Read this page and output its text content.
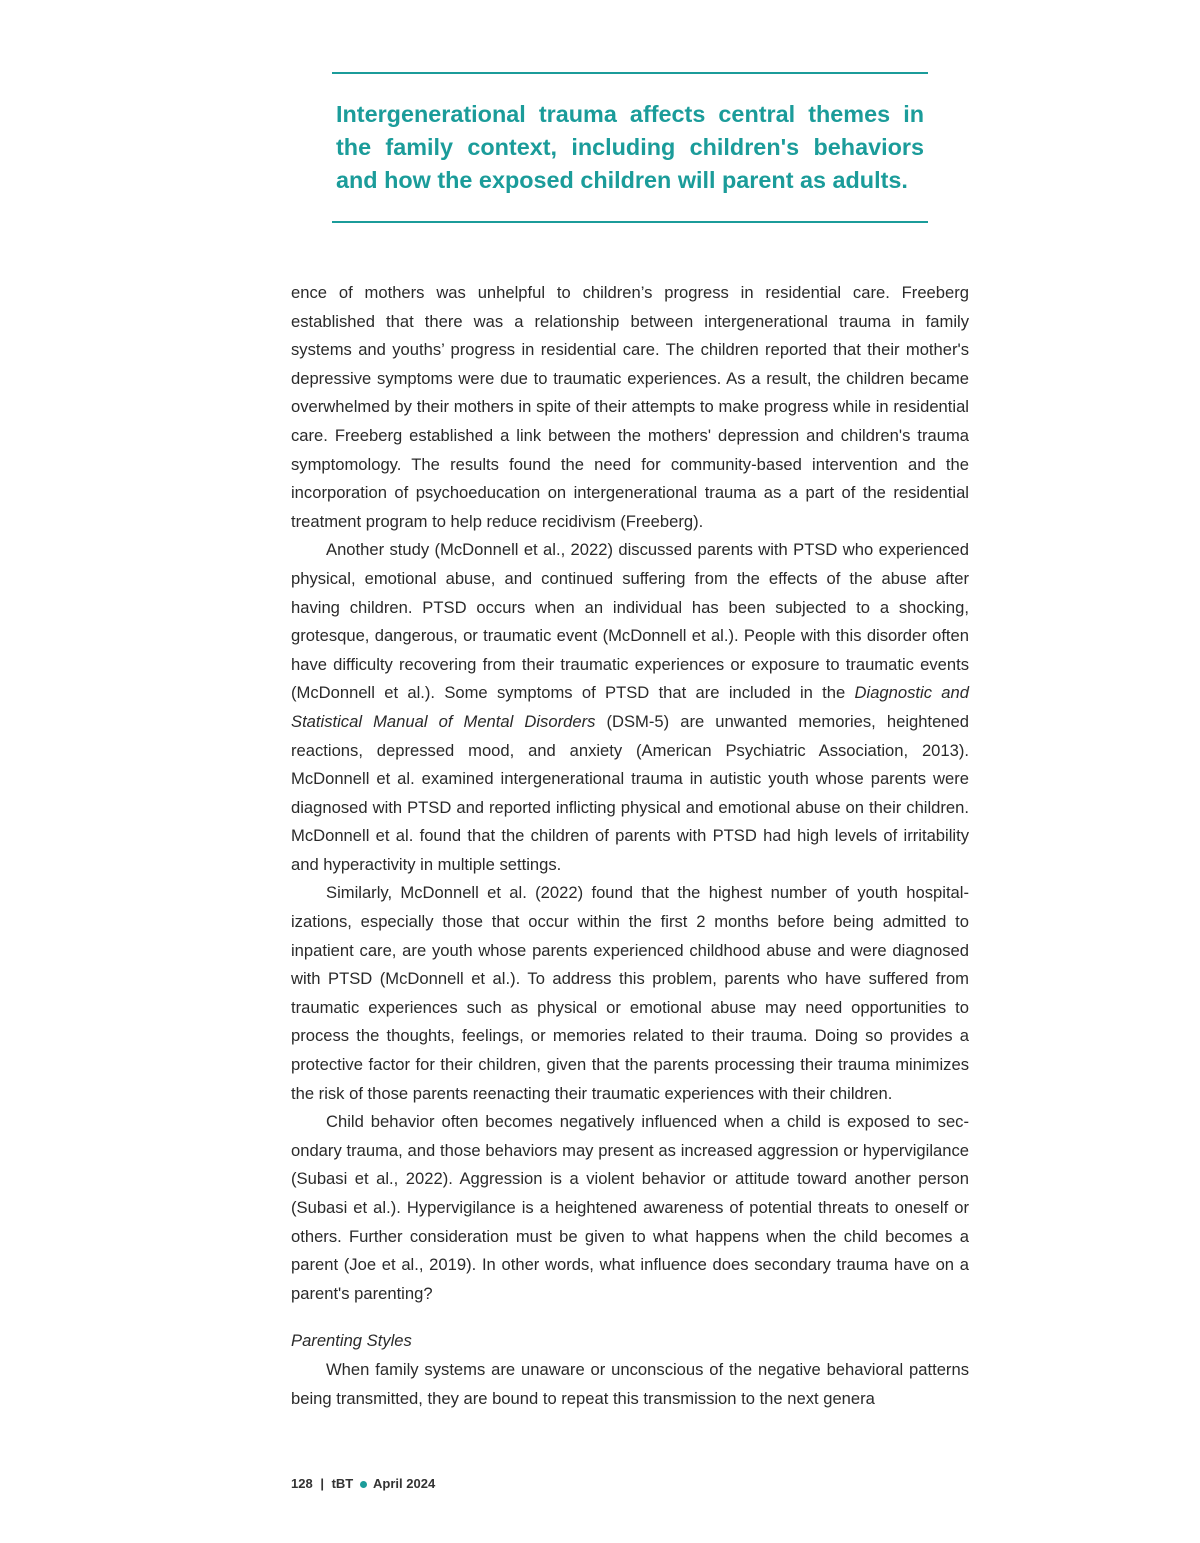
Intergenerational trauma affects central themes in the family context, including children's behaviors and how the exposed children will parent as adults.

ence of mothers was unhelpful to children’s progress in residential care. Freeberg established that there was a relationship between intergenerational trauma in family systems and youths’ progress in residential care. The children reported that their mother's depressive symptoms were due to traumatic experiences. As a result, the children became overwhelmed by their mothers in spite of their attempts to make progress while in residential care. Freeberg established a link between the mothers' depression and children's trauma symptomology. The results found the need for community-based intervention and the incorporation of psychoeducation on intergenerational trauma as a part of the residential treatment program to help reduce recidivism (Freeberg).

Another study (McDonnell et al., 2022) discussed parents with PTSD who experienced physical, emotional abuse, and continued suffering from the effects of the abuse after having children. PTSD occurs when an individual has been subjected to a shocking, grotesque, dangerous, or traumatic event (McDonnell et al.). People with this disorder often have difficulty recovering from their traumatic experiences or exposure to traumatic events (McDonnell et al.). Some symptoms of PTSD that are included in the Diagnostic and Statistical Manual of Mental Disorders (DSM-5) are unwanted memories, heightened reactions, depressed mood, and anxiety (American Psychiatric Association, 2013). McDonnell et al. examined intergenerational trauma in autistic youth whose parents were diagnosed with PTSD and reported inflicting physical and emotional abuse on their children. McDonnell et al. found that the children of parents with PTSD had high levels of irritability and hyperactivity in multiple settings.

Similarly, McDonnell et al. (2022) found that the highest number of youth hospitalizations, especially those that occur within the first 2 months before being admitted to inpatient care, are youth whose parents experienced childhood abuse and were diagnosed with PTSD (McDonnell et al.). To address this problem, parents who have suffered from traumatic experiences such as physical or emotional abuse may need opportunities to process the thoughts, feelings, or memories related to their trauma. Doing so provides a protective factor for their children, given that the parents processing their trauma minimizes the risk of those parents reenacting their traumatic experiences with their children.

Child behavior often becomes negatively influenced when a child is exposed to secondary trauma, and those behaviors may present as increased aggression or hypervigilance (Subasi et al., 2022). Aggression is a violent behavior or attitude toward another person (Subasi et al.). Hypervigilance is a heightened awareness of potential threats to oneself or others. Further consideration must be given to what happens when the child becomes a parent (Joe et al., 2019). In other words, what influence does secondary trauma have on a parent's parenting?

Parenting Styles

When family systems are unaware or unconscious of the negative behavioral patterns being transmitted, they are bound to repeat this transmission to the next genera

128 | tBT April 2024
